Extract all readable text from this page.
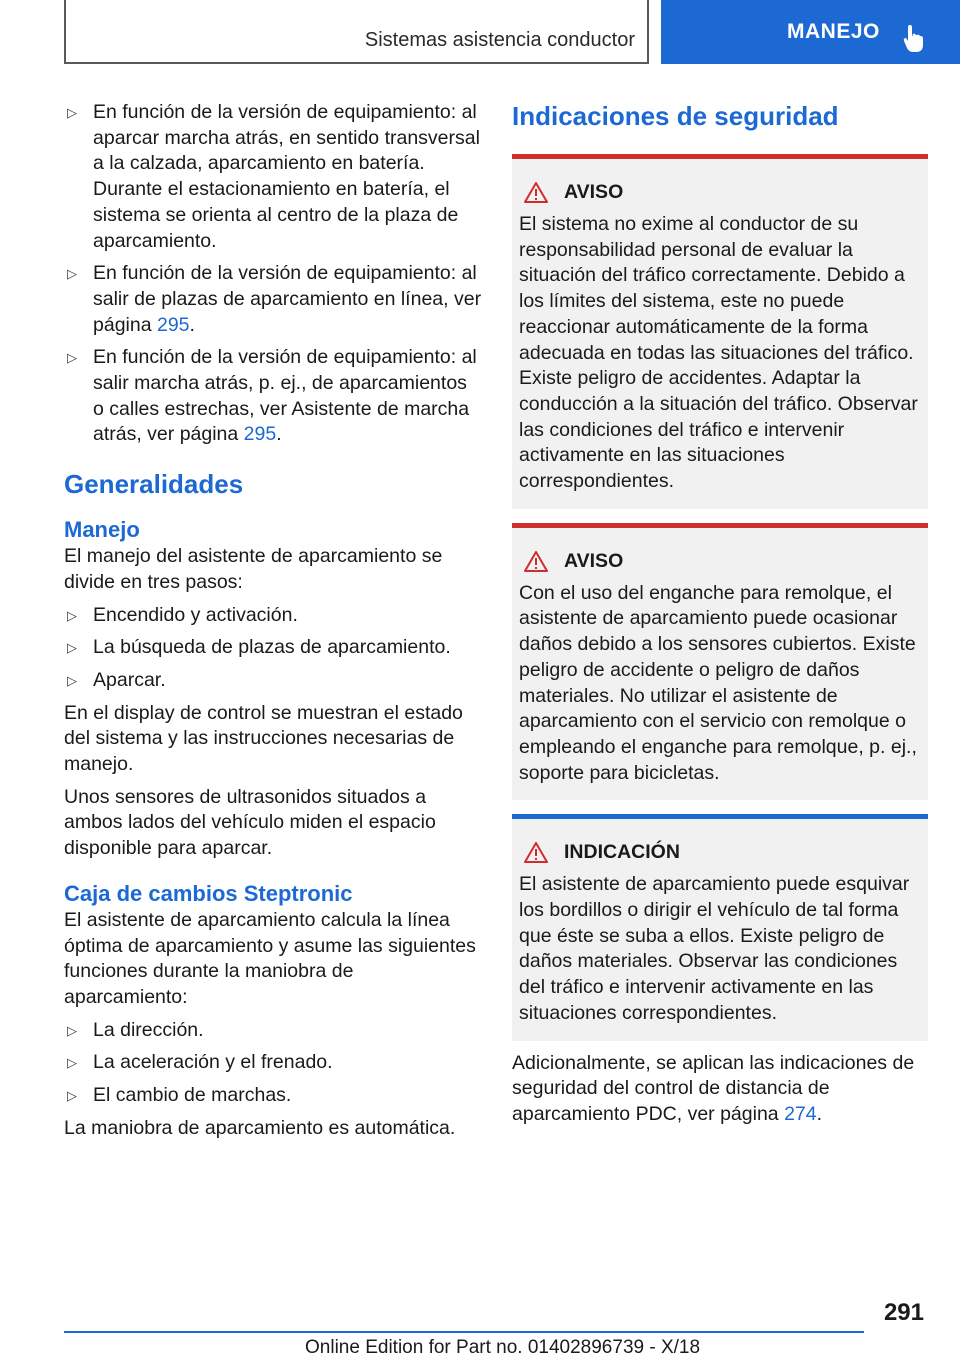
Sistemas asistencia conductor	MANEJO
▷ En función de la versión de equipamiento: al aparcar marcha atrás, en sentido transversal a la calzada, aparcamiento en batería. Durante el estacionamiento en batería, el sistema se orienta al centro de la plaza de aparcamiento.
▷ En función de la versión de equipamiento: al salir de plazas de aparcamiento en línea, ver página 295.
▷ En función de la versión de equipamiento: al salir marcha atrás, p. ej., de aparcamientos o calles estrechas, ver Asistente de marcha atrás, ver página 295.
Generalidades
Manejo

El manejo del asistente de aparcamiento se divide en tres pasos:

▷ Encendido y activación.
▷ La búsqueda de plazas de aparcamiento.
▷ Aparcar.

En el display de control se muestran el estado del sistema y las instrucciones necesarias de manejo.

Unos sensores de ultrasonidos situados a ambos lados del vehículo miden el espacio disponible para aparcar.

Caja de cambios Steptronic

El asistente de aparcamiento calcula la línea óptima de aparcamiento y asume las siguientes funciones durante la maniobra de aparcamiento:

▷ La dirección.
▷ La aceleración y el frenado.
▷ El cambio de marchas.

La maniobra de aparcamiento es automática.

Indicaciones de seguridad
AVISO

El sistema no exime al conductor de su responsabilidad personal de evaluar la situación del tráfico correctamente. Debido a los límites del sistema, este no puede reaccionar automáticamente de la forma adecuada en todas las situaciones del tráfico. Existe peligro de accidentes. Adaptar la conducción a la situación del tráfico. Observar las condiciones del tráfico e intervenir activamente en las situaciones correspondientes.

AVISO

Con el uso del enganche para remolque, el asistente de aparcamiento puede ocasionar daños debido a los sensores cubiertos. Existe peligro de accidente o peligro de daños materiales. No utilizar el asistente de aparcamiento con el servicio con remolque o empleando el enganche para remolque, p. ej., soporte para bicicletas.

INDICACIÓN

El asistente de aparcamiento puede esquivar los bordillos o dirigir el vehículo de tal forma que éste se suba a ellos. Existe peligro de daños materiales. Observar las condiciones del tráfico e intervenir activamente en las situaciones correspondientes.

Adicionalmente, se aplican las indicaciones de seguridad del control de distancia de aparcamiento PDC, ver página 274.

291
Online Edition for Part no. 01402896739 - X/18
